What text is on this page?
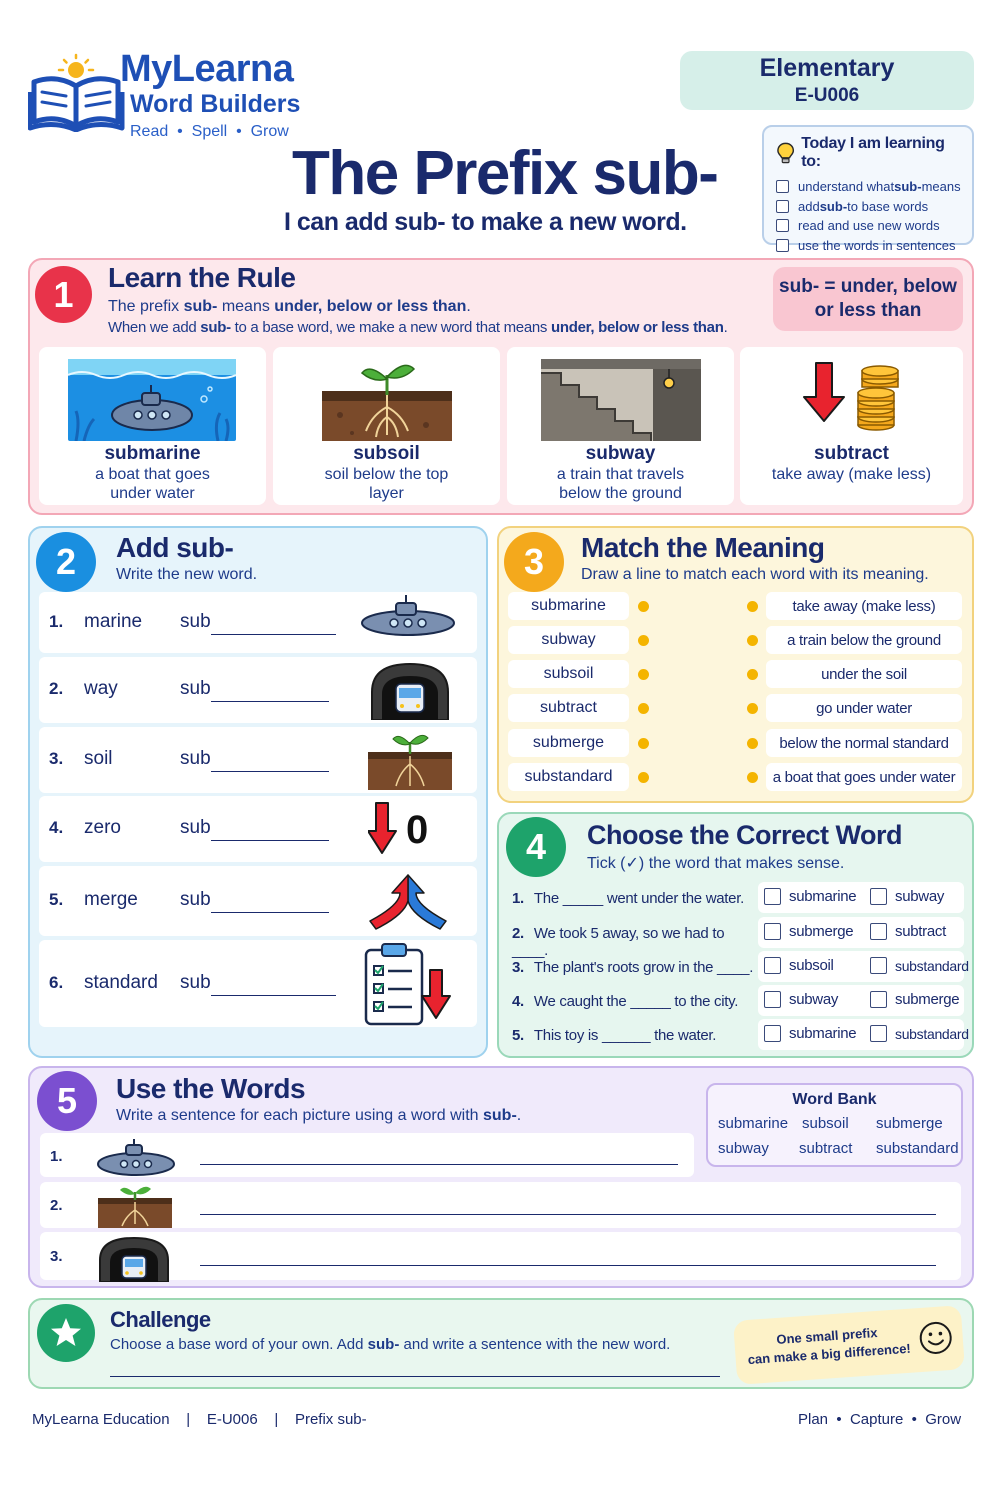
MyLearna
Word Builders
Read  •  Spell  •  Grow
The Prefix sub-
I can add sub- to make a new word.
Elementary
E-U006
Today I am learning to:
understand what sub- means
add sub- to base words
read and use new words
use the words in sentences
1	Learn the Rule
The prefix sub- means under, below or less than.
When we add sub- to a base word, we make a new word that means under, below or less than.
sub- = under, below
or less than
submarine
a boat that goes
under water
subsoil
soil below the top
layer
subway
a train that travels
below the ground
subtract
take away (make less)
2	Add sub-
Write the new word.
1. marine sub
2. way	sub
3. soil	sub
4. zero	sub	0
5. merge sub
6. standard sub
3	Match the Meaning
Draw a line to match each word with its meaning.
submarine	take away (make less)
subway	a train below the ground
subsoil	under the soil
subtract	go under water
submerge	below the normal standard
substandard	a boat that goes under water
4	Choose the Correct Word
Tick (✓) the word that makes sense.
1. The _____ went under the water.	submarine	subway
2. We took 5 away, so we had to ____.
submerge	subtract
3. The plant's roots grow in the ____. subsoil	substandard
4. We caught the _____ to the city.	subway	submerge
5. This toy is ______ the water.	submarine	substandard
5	Use the Words
Write a sentence for each picture using a word with sub-.
Word Bank
submarine subsoil submerge
subway subtract substandard
1.
2.
3.
Challenge
Choose a base word of your own. Add sub- and write a sentence with the new word.	One small prefix
can make a big difference!
MyLearna Education    |    E-U006    |    Prefix sub-	Plan  •  Capture  •  Grow
